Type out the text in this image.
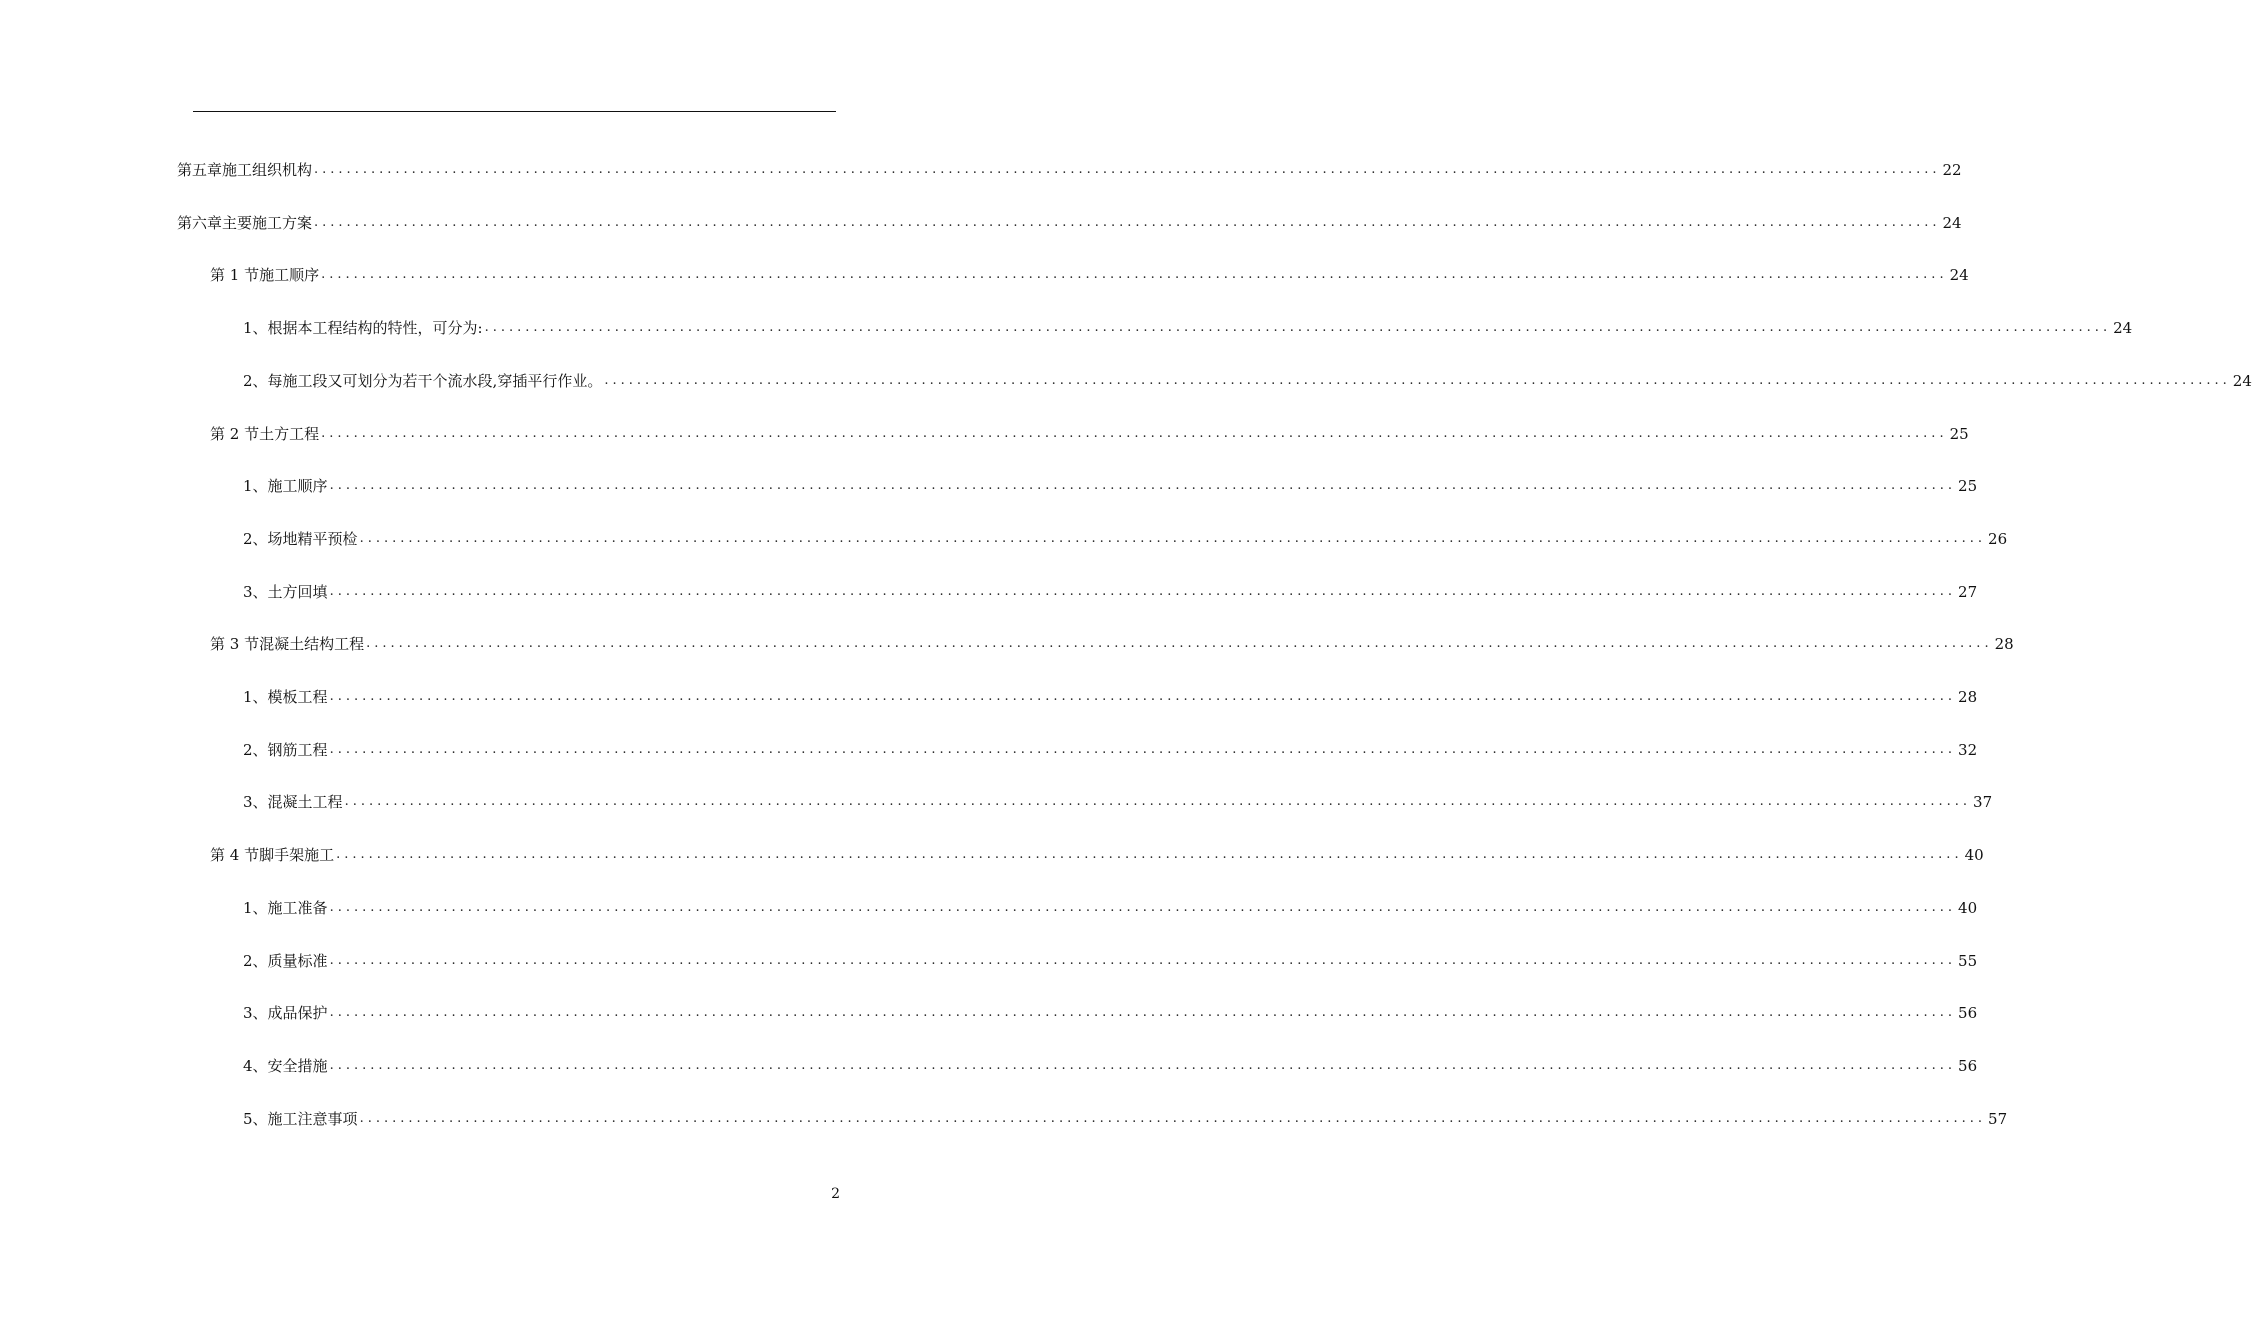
第五章 施工组织机构 ........................................................................................................................................................................................................ 22
第六章 主要施工方案 ........................................................................................................................................................................................................ 24
第 1 节 施工顺序 ........................................................................................................................................................................................................ 24
1、 根据本工程结构的特性，可分为: ........................................................................................................................................................................................................ 24
2、 每施工段又可划分为若干个流水段,穿插平行作业。 ........................................................................................................................................................................................................ 24
第 2 节 土方工程 ........................................................................................................................................................................................................ 25
1、 施工顺序 ........................................................................................................................................................................................................ 25
2、 场地精平预检 ........................................................................................................................................................................................................ 26
3、 土方回填 ........................................................................................................................................................................................................ 27
第 3 节 混凝土结构工程 ........................................................................................................................................................................................................ 28
1、 模板工程 ........................................................................................................................................................................................................ 28
2、 钢筋工程 ........................................................................................................................................................................................................ 32
3、 混凝土工程 ........................................................................................................................................................................................................ 37
第 4 节 脚手架施工 ........................................................................................................................................................................................................ 40
1、 施工准备 ........................................................................................................................................................................................................ 40
2、 质量标准 ........................................................................................................................................................................................................ 55
3、 成品保护 ........................................................................................................................................................................................................ 56
4、 安全措施 ........................................................................................................................................................................................................ 56
5、 施工注意事项 ........................................................................................................................................................................................................ 57
2
